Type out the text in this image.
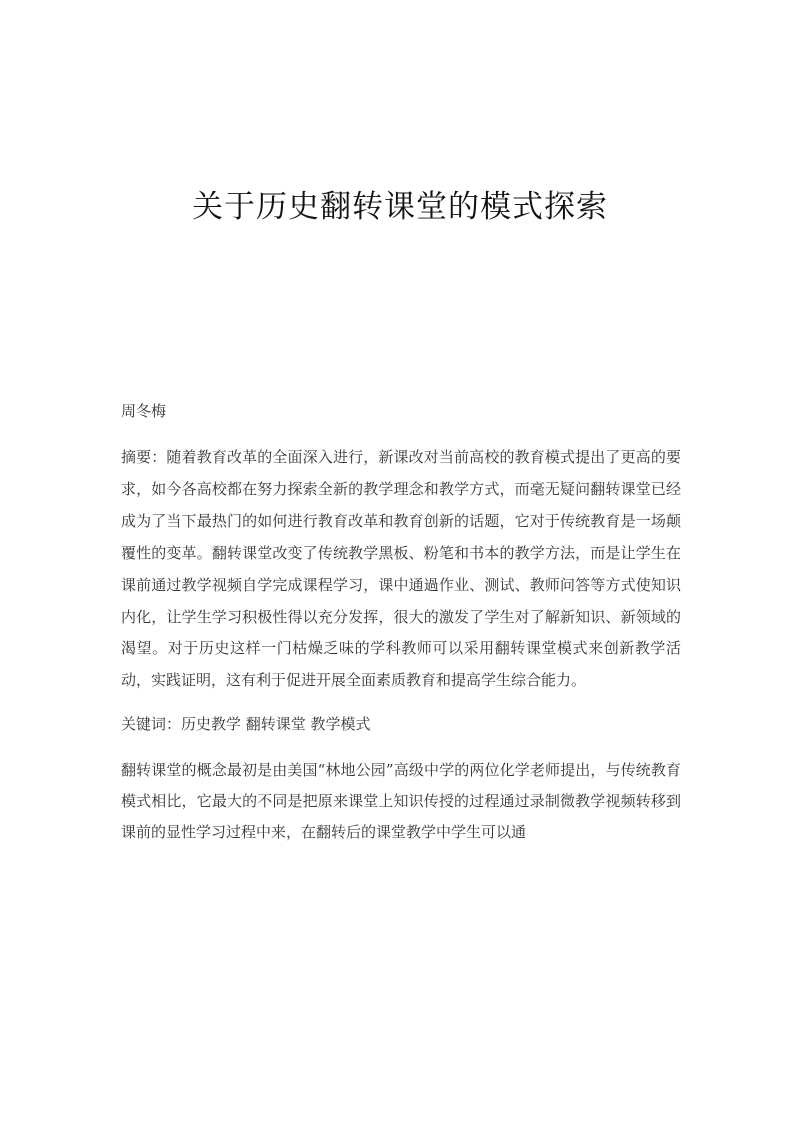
关于历史翻转课堂的模式探索
周冬梅
摘要：随着教育改革的全面深入进行，新课改对当前高校的教育模式提出了更高的要求，如今各高校都在努力探索全新的教学理念和教学方式，而毫无疑问翻转课堂已经成为了当下最热门的如何进行教育改革和教育创新的话题，它对于传统教育是一场颠覆性的变革。翻转课堂改变了传统教学黑板、粉笔和书本的教学方法，而是让学生在课前通过教学视频自学完成课程学习，课中通過作业、测试、教师问答等方式使知识内化，让学生学习积极性得以充分发挥，很大的激发了学生对了解新知识、新领域的渴望。对于历史这样一门枯燥乏味的学科教师可以采用翻转课堂模式来创新教学活动，实践证明，这有利于促进开展全面素质教育和提高学生综合能力。
关键词：历史教学 翻转课堂 教学模式
翻转课堂的概念最初是由美国“林地公园”高级中学的两位化学老师提出，与传统教育模式相比，它最大的不同是把原来课堂上知识传授的过程通过录制微教学视频转移到课前的显性学习过程中来，在翻转后的课堂教学中学生可以通
